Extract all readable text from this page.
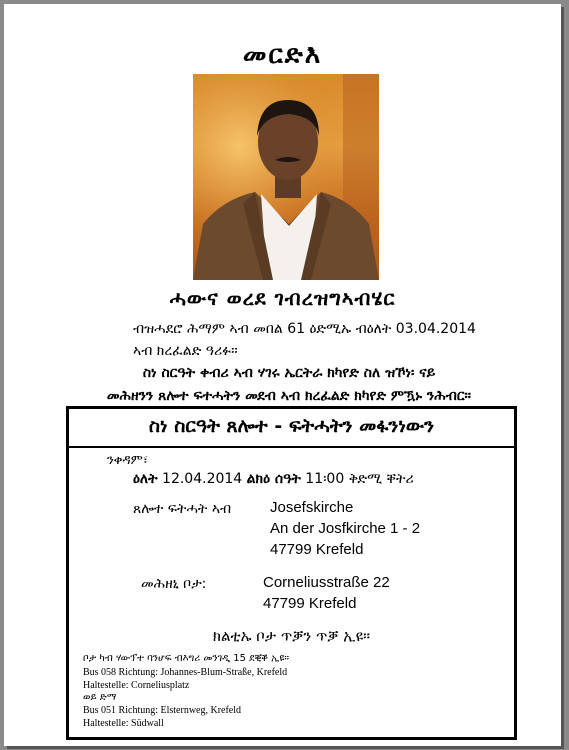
መርድእ
ሓውና ወረደ ገብረዝግኣብሄር
ብዝሓደሮ ሕማም ኣብ መበል 61 ዕድሚኡ ብዕለት 03.04.2014
ኣብ ክረፈልድ ዓሪፉ።
ስነ ስርዓት ቀብሪ ኣብ ሃገሩ ኤርትራ ክካየድ ስለ ዝኾነ፡ ናይ
መሕዘንን ጸሎተ ፍተሓትን መደብ ኣብ ክረፈልድ ክካየድ ምዃኑ ንሕብር።
ስነ ስርዓት ጸሎተ - ፍትሓትን መፋንነውን
ንቀዳም፣
ዕለት 12.04.2014 ልክዕ ሰዓት 11፡00 ቅድሚ ቐትሪ
ጸሎተ ፍትሓት ኣብ	Josefskirche
An der Josfkirche 1 - 2
47799 Krefeld
መሕዘኒ ቦታ:	Corneliusstraße 22
47799 Krefeld
ክልቲኡ ቦታ ጥቓን ጥቓ ኢዩ።
ቦታ ካብ ሃውፕተ ባንሆፍ ብእግሪ መንገዲ 15 ደቒቕ ኢዩ።
Bus 058 Richtung: Johannes-Blum-Straße, Krefeld
Haltestelle: Corneliusplatz
ወይ ድማ
Bus 051 Richtung: Elsternweg, Krefeld
Haltestelle: Südwall
